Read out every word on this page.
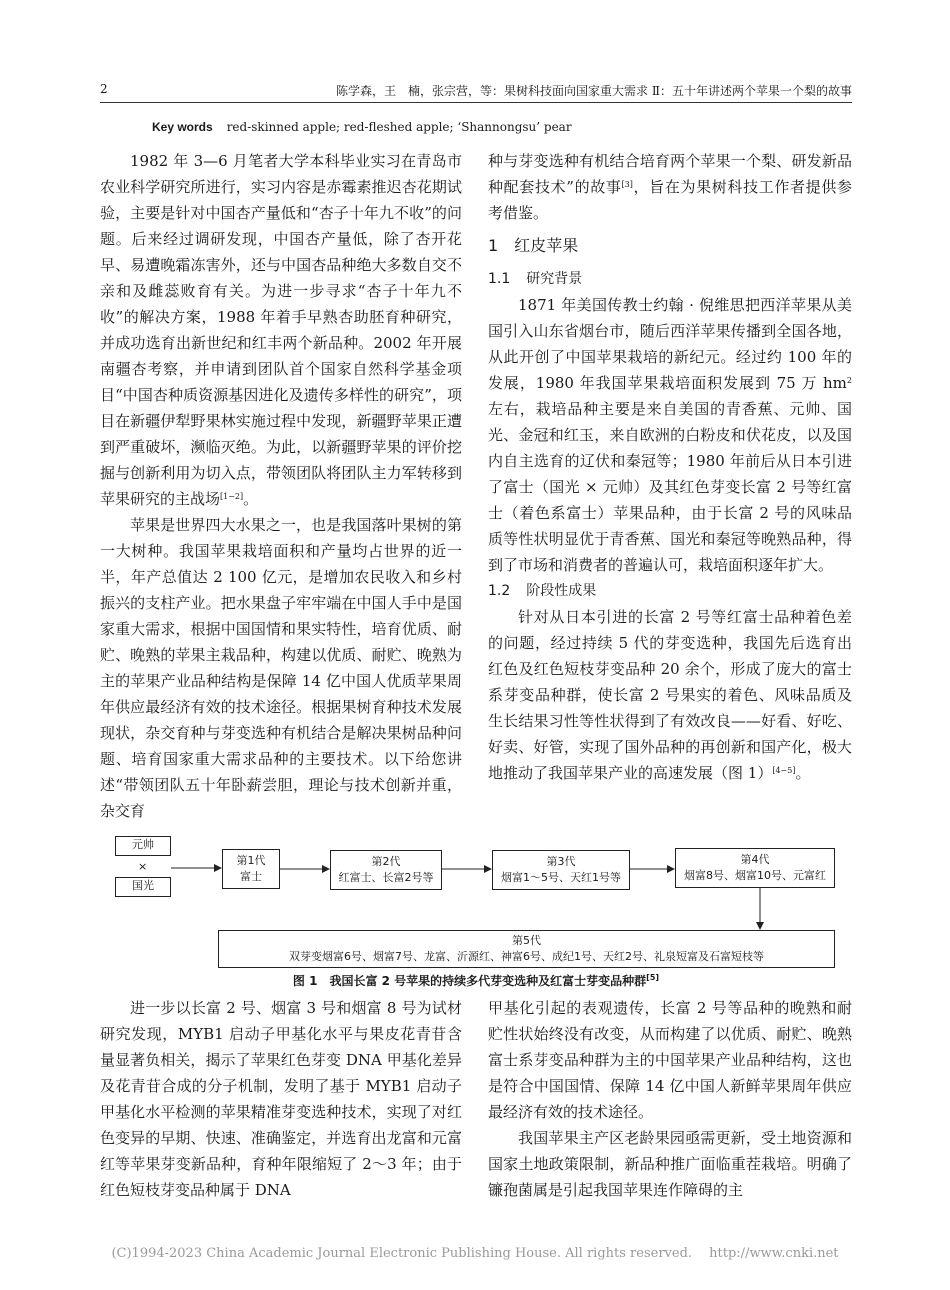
2	陈学森，王　楠，张宗营，等：果树科技面向国家重大需求 Ⅱ：五十年讲述两个苹果一个梨的故事
Key words red-skinned apple; red-fleshed apple; ‘Shannongsu’ pear

1982 年 3—6 月笔者大学本科毕业实习在青岛市农业科学研究所进行，实习内容是赤霉素推迟杏花期试验，主要是针对中国杏产量低和“杏子十年九不收”的问题。后来经过调研发现，中国杏产量低，除了杏开花早、易遭晚霜冻害外，还与中国杏品种绝大多数自交不亲和及雌蕊败育有关。为进一步寻求“杏子十年九不收”的解决方案，1988 年着手早熟杏助胚育种研究，并成功选育出新世纪和红丰两个新品种。2002 年开展南疆杏考察，并申请到团队首个国家自然科学基金项目“中国杏种质资源基因进化及遗传多样性的研究”，项目在新疆伊犁野果林实施过程中发现，新疆野苹果正遭到严重破坏，濒临灭绝。为此，以新疆野苹果的评价挖掘与创新利用为切入点，带领团队将团队主力军转移到苹果研究的主战场[1−2]。

苹果是世界四大水果之一，也是我国落叶果树的第一大树种。我国苹果栽培面积和产量均占世界的近一半，年产总值达 2 100 亿元，是增加农民收入和乡村振兴的支柱产业。把水果盘子牢牢端在中国人手中是国家重大需求，根据中国国情和果实特性，培育优质、耐贮、晚熟的苹果主栽品种，构建以优质、耐贮、晚熟为主的苹果产业品种结构是保障 14 亿中国人优质苹果周年供应最经济有效的技术途径。根据果树育种技术发展现状，杂交育种与芽变选种有机结合是解决果树品种问题、培育国家重大需求品种的主要技术。以下给您讲述“带领团队五十年卧薪尝胆，理论与技术创新并重，杂交育

种与芽变选种有机结合培育两个苹果一个梨、研发新品种配套技术”的故事[3]，旨在为果树科技工作者提供参考借鉴。

1 红皮苹果
1.1 研究背景

1871 年美国传教士约翰 · 倪维思把西洋苹果从美国引入山东省烟台市，随后西洋苹果传播到全国各地，从此开创了中国苹果栽培的新纪元。经过约 100 年的发展，1980 年我国苹果栽培面积发展到 75 万 $hm^2$ 左右，栽培品种主要是来自美国的青香蕉、元帅、国光、金冠和红玉，来自欧洲的白粉皮和伏花皮，以及国内自主选育的辽伏和秦冠等；1980 年前后从日本引进了富士（国光 × 元帅）及其红色芽变长富 2 号等红富士（着色系富士）苹果品种，由于长富 2 号的风味品质等性状明显优于青香蕉、国光和秦冠等晚熟品种，得到了市场和消费者的普遍认可，栽培面积逐年扩大。

1.2 阶段性成果

针对从日本引进的长富 2 号等红富士品种着色差的问题，经过持续 5 代的芽变选种，我国先后选育出红色及红色短枝芽变品种 20 余个，形成了庞大的富士系芽变品种群，使长富 2 号果实的着色、风味品质及生长结果习性等性状得到了有效改良——好看、好吃、好卖、好管，实现了国外品种的再创新和国产化，极大地推动了我国苹果产业的高速发展（图 1）[4−5]。

元帅
×
国光
第1代
富士
第2代
红富士、长富2号等
第3代
烟富1～5号、天红1号等
第4代
烟富8号、烟富10号、元富红
第5代
双芽变烟富6号、烟富7号、龙富、沂源红、神富6号、成纪1号、天红2号、礼泉短富及石富短枝等
图 1　我国长富 2 号苹果的持续多代芽变选种及红富士芽变品种群[5]

进一步以长富 2 号、烟富 3 号和烟富 8 号为试材研究发现，MYB1 启动子甲基化水平与果皮花青苷含量显著负相关，揭示了苹果红色芽变 DNA 甲基化差异及花青苷合成的分子机制，发明了基于 MYB1 启动子甲基化水平检测的苹果精准芽变选种技术，实现了对红色变异的早期、快速、准确鉴定，并选育出龙富和元富红等苹果芽变新品种，育种年限缩短了 2～3 年；由于红色短枝芽变品种属于 DNA

甲基化引起的表观遗传，长富 2 号等品种的晚熟和耐贮性状始终没有改变，从而构建了以优质、耐贮、晚熟富士系芽变品种群为主的中国苹果产业品种结构，这也是符合中国国情、保障 14 亿中国人新鲜苹果周年供应最经济有效的技术途径。

我国苹果主产区老龄果园亟需更新，受土地资源和国家土地政策限制，新品种推广面临重茬栽培。明确了镰孢菌属是引起我国苹果连作障碍的主

(C)1994-2023 China Academic Journal Electronic Publishing House. All rights reserved.　 http://www.cnki.net
